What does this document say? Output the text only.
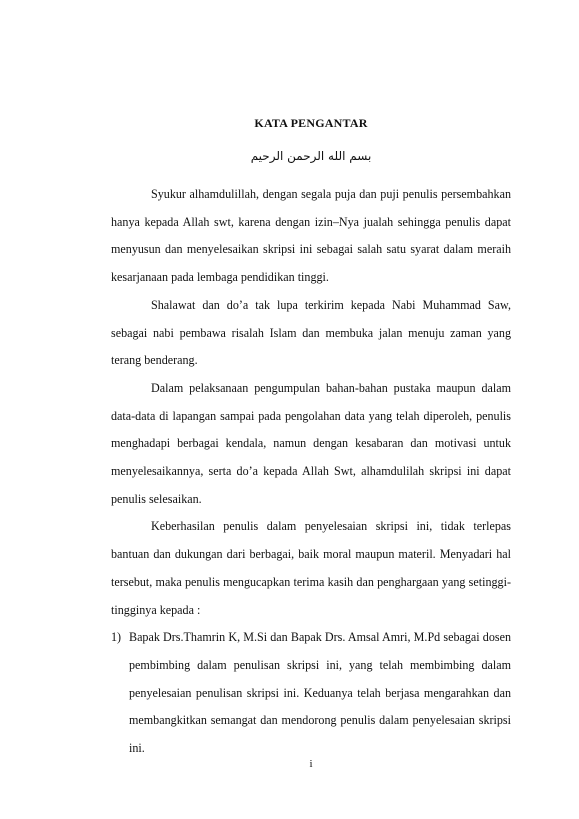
KATA PENGANTAR
بسم الله الرحمن الرحيم

Syukur alhamdulillah, dengan segala puja dan puji penulis persembahkan hanya kepada Allah swt, karena dengan izin–Nya jualah sehingga penulis dapat menyusun dan menyelesaikan skripsi ini sebagai salah satu syarat dalam meraih kesarjanaan pada lembaga pendidikan tinggi.

Shalawat dan do’a tak lupa terkirim kepada Nabi Muhammad Saw, sebagai nabi pembawa risalah Islam dan membuka jalan menuju zaman yang terang benderang.

Dalam pelaksanaan pengumpulan bahan-bahan pustaka maupun dalam data-data di lapangan sampai pada pengolahan data yang telah diperoleh, penulis menghadapi berbagai kendala, namun dengan kesabaran dan motivasi untuk menyelesaikannya, serta do’a kepada Allah Swt, alhamdulilah skripsi ini dapat penulis selesaikan.

Keberhasilan penulis dalam penyelesaian skripsi ini, tidak terlepas bantuan dan dukungan dari berbagai, baik moral maupun materil. Menyadari hal tersebut, maka penulis mengucapkan terima kasih dan penghargaan yang setinggi-tingginya kepada :

1) Bapak Drs.Thamrin K, M.Si dan Bapak Drs. Amsal Amri, M.Pd sebagai dosen pembimbing dalam penulisan skripsi ini, yang telah membimbing dalam penyelesaian penulisan skripsi ini. Keduanya telah berjasa mengarahkan dan membangkitkan semangat dan mendorong penulis dalam penyelesaian skripsi ini.
i
